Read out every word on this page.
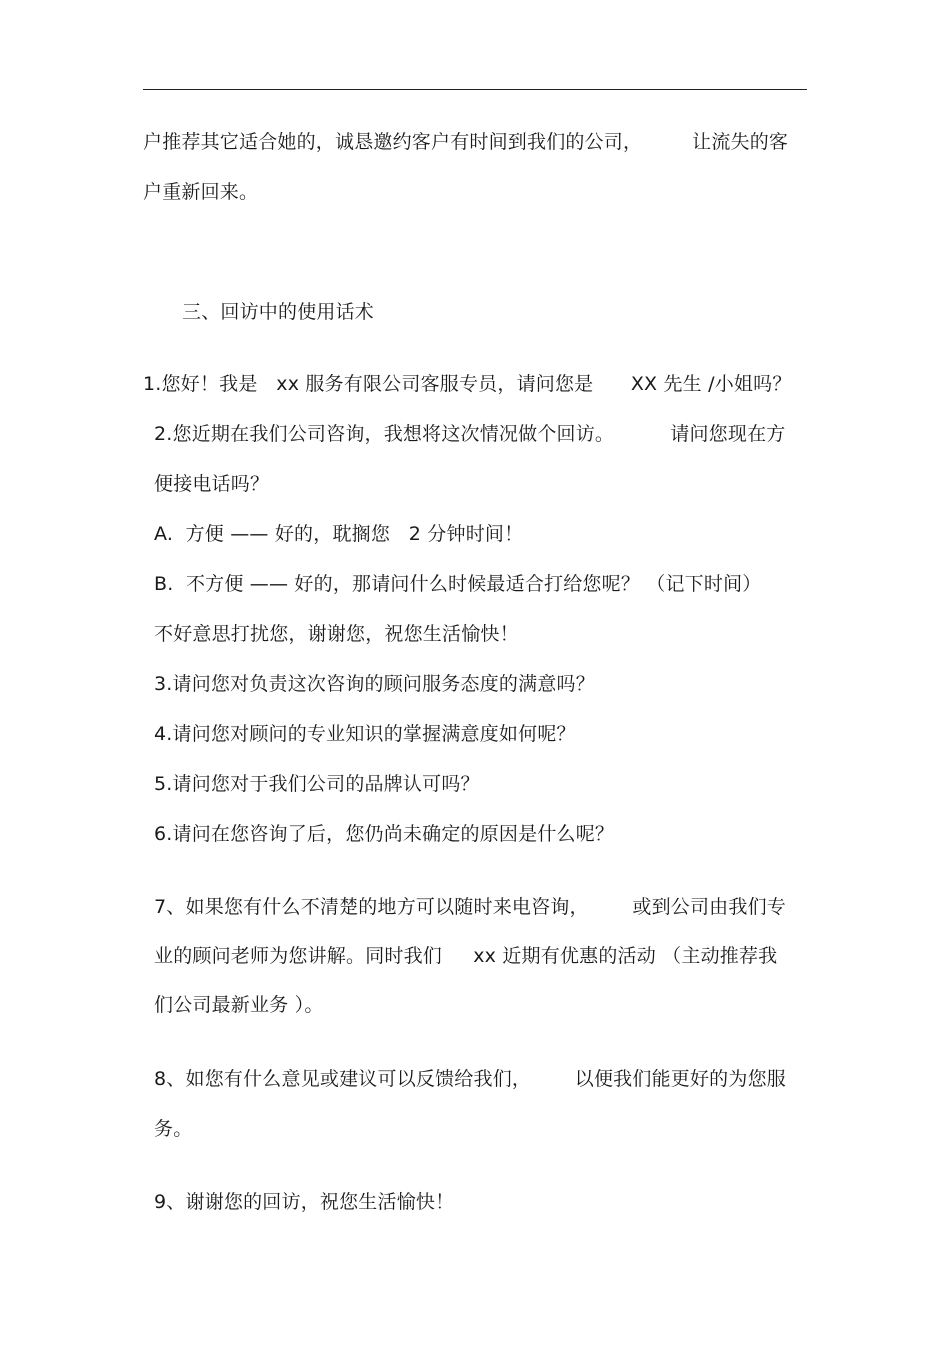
户推荐其它适合她的，诚恳邀约客户有时间到我们的公司，        让流失的客
户重新回来。
三、回访中的使用话术
1.您好！我是   xx 服务有限公司客服专员，请问您是      XX 先生 /小姐吗？
2.您近期在我们公司咨询，我想将这次情况做个回访。         请问您现在方
便接电话吗？
A.  方便 —— 好的，耽搁您   2 分钟时间！
B.  不方便 —— 好的，那请问什么时候最适合打给您呢？ （记下时间）
不好意思打扰您，谢谢您，祝您生活愉快！
3.请问您对负责这次咨询的顾问服务态度的满意吗？
4.请问您对顾问的专业知识的掌握满意度如何呢？
5.请问您对于我们公司的品牌认可吗？
6.请问在您咨询了后，您仍尚未确定的原因是什么呢？
7、如果您有什么不清楚的地方可以随时来电咨询，       或到公司由我们专
业的顾问老师为您讲解。同时我们     xx 近期有优惠的活动 （主动推荐我
们公司最新业务 ）。
8、如您有什么意见或建议可以反馈给我们，       以便我们能更好的为您服
务。
9、谢谢您的回访，祝您生活愉快！
